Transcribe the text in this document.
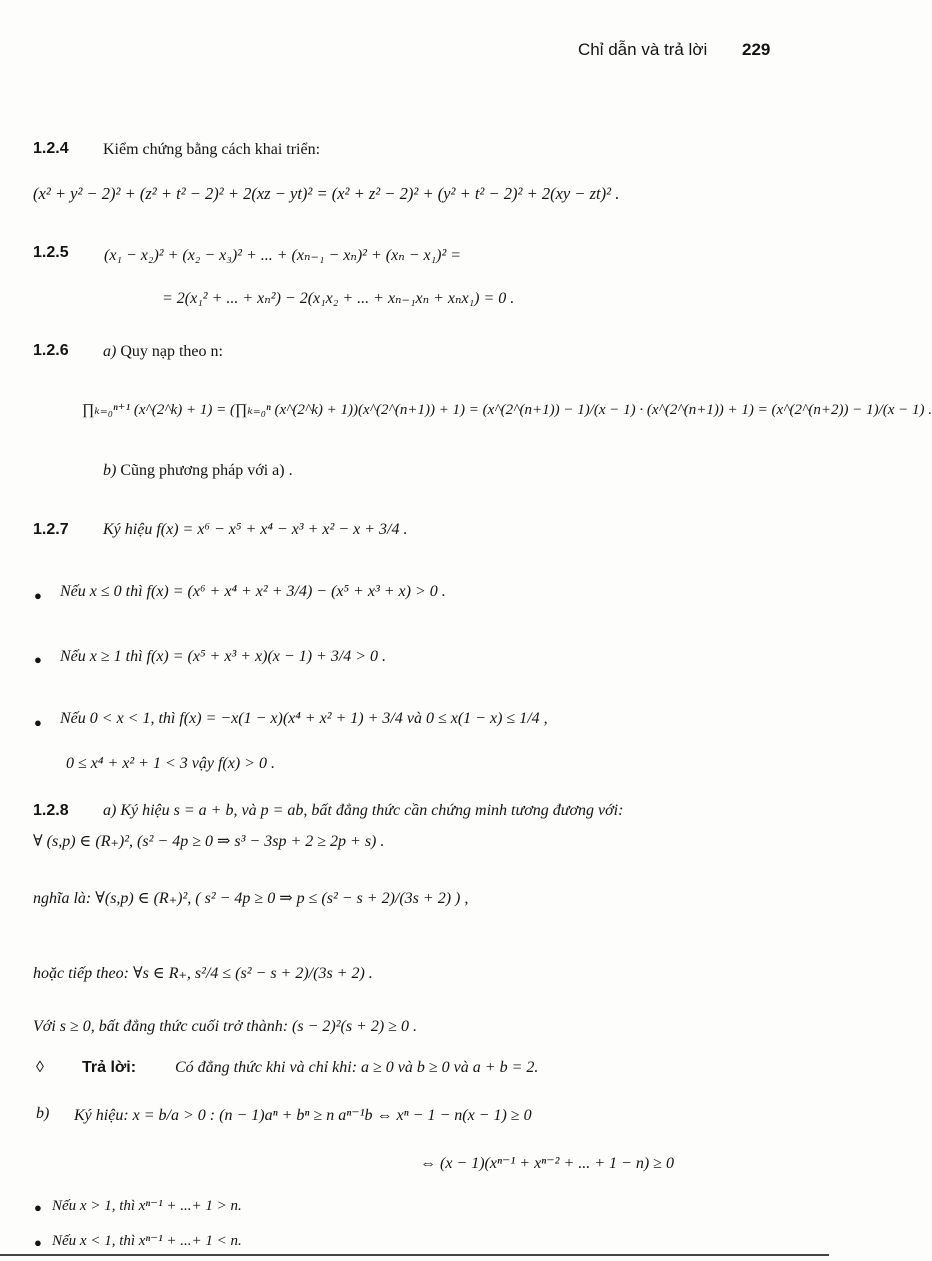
Chỉ dẫn và trả lời 229
1.2.4 Kiểm chứng bằng cách khai triển:
(x² + y² − 2)² + (z² + t² − 2)² + 2(xz − yt)² = (x² + z² − 2)² + (y² + t² − 2)² + 2(xy − zt)² .
1.2.5 (x₁ − x₂)² + (x₂ − x₃)² + ... + (xₙ₋₁ − xₙ)² + (xₙ − x₁)² =
= 2(x₁² + ... + xₙ²) − 2(x₁x₂ + ... + xₙ₋₁xₙ + xₙx₁) = 0 .
1.2.6 a) Quy nạp theo n:
∏ₖ₌₀ⁿ⁺¹ (x^(2^k) + 1) = (∏ₖ₌₀ⁿ (x^(2^k) + 1))(x^(2^(n+1)) + 1) = (x^(2^(n+1)) − 1)/(x − 1) · (x^(2^(n+1)) + 1) = (x^(2^(n+2)) − 1)/(x − 1) .
b) Cũng phương pháp với a) .
1.2.7 Ký hiệu f(x) = x⁶ − x⁵ + x⁴ − x³ + x² − x + 3/4 .
● Nếu x ≤ 0 thì f(x) = (x⁶ + x⁴ + x² + 3/4) − (x⁵ + x³ + x) > 0 .
● Nếu x ≥ 1 thì f(x) = (x⁵ + x³ + x)(x − 1) + 3/4 > 0 .
● Nếu 0 < x < 1, thì f(x) = −x(1 − x)(x⁴ + x² + 1) + 3/4 và 0 ≤ x(1 − x) ≤ 1/4 ,
0 ≤ x⁴ + x² + 1 < 3 vậy f(x) > 0 .
1.2.8 a) Ký hiệu s = a + b, và p = ab, bất đẳng thức cần chứng minh tương đương với:
∀ (s,p) ∈ (R₊)², (s² − 4p ≥ 0 ⇒ s³ − 3sp + 2 ≥ 2p + s) .
nghĩa là: ∀(s,p) ∈ (R₊)², ( s² − 4p ≥ 0 ⇒ p ≤ (s² − s + 2)/(3s + 2) ) ,
hoặc tiếp theo: ∀s ∈ R₊, s²/4 ≤ (s² − s + 2)/(3s + 2) .
Với s ≥ 0, bất đẳng thức cuối trở thành: (s − 2)²(s + 2) ≥ 0 .
◊ Trả lời: Có đẳng thức khi và chỉ khi: a ≥ 0 và b ≥ 0 và a + b = 2.
b) Ký hiệu: x = b/a > 0 : (n − 1)aⁿ + bⁿ ≥ n aⁿ⁻¹b ⇔ xⁿ − 1 − n(x − 1) ≥ 0
⇔ (x − 1)(xⁿ⁻¹ + xⁿ⁻² + ... + 1 − n) ≥ 0
● Nếu x > 1, thì xⁿ⁻¹ + ...+ 1 > n.
● Nếu x < 1, thì xⁿ⁻¹ + ...+ 1 < n.
